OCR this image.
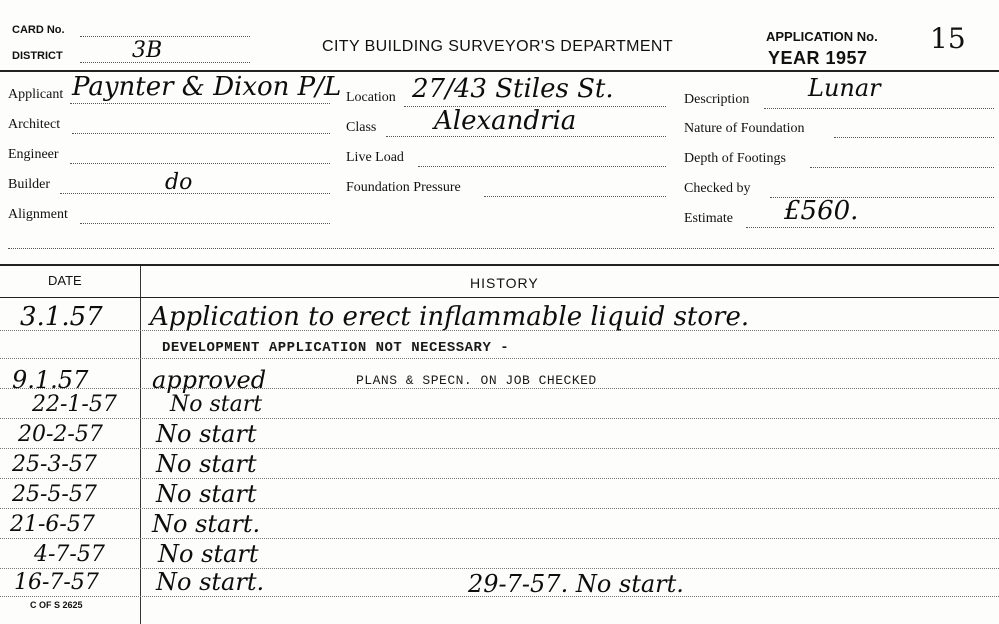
CARD No.
DISTRICT	3B	CITY BUILDING SURVEYOR'S DEPARTMENT
APPLICATION No. 15
YEAR 1957
Applicant Paynter & Dixon P/L
Architect
Engineer
Builder	do
Alignment
Location 27/43 Stiles St.
Class Alexandria
Live Load
Foundation Pressure
Description Lunar
Nature of Foundation
Depth of Footings
Checked by
Estimate £560.
DATE	HISTORY
3.1.57 Application to erect inflammable liquid store.
DEVELOPMENT APPLICATION NOT NECESSARY -
9.1.57	approved	PLANS & SPECN. ON JOB CHECKED
22-1-57 No start
20-2-57 No start
25-3-57 No start
25-5-57 No start
21-6-57 No start.
4-7-57 No start
16-7-57 No start.	29-7-57. No start.
C OF S 2625
